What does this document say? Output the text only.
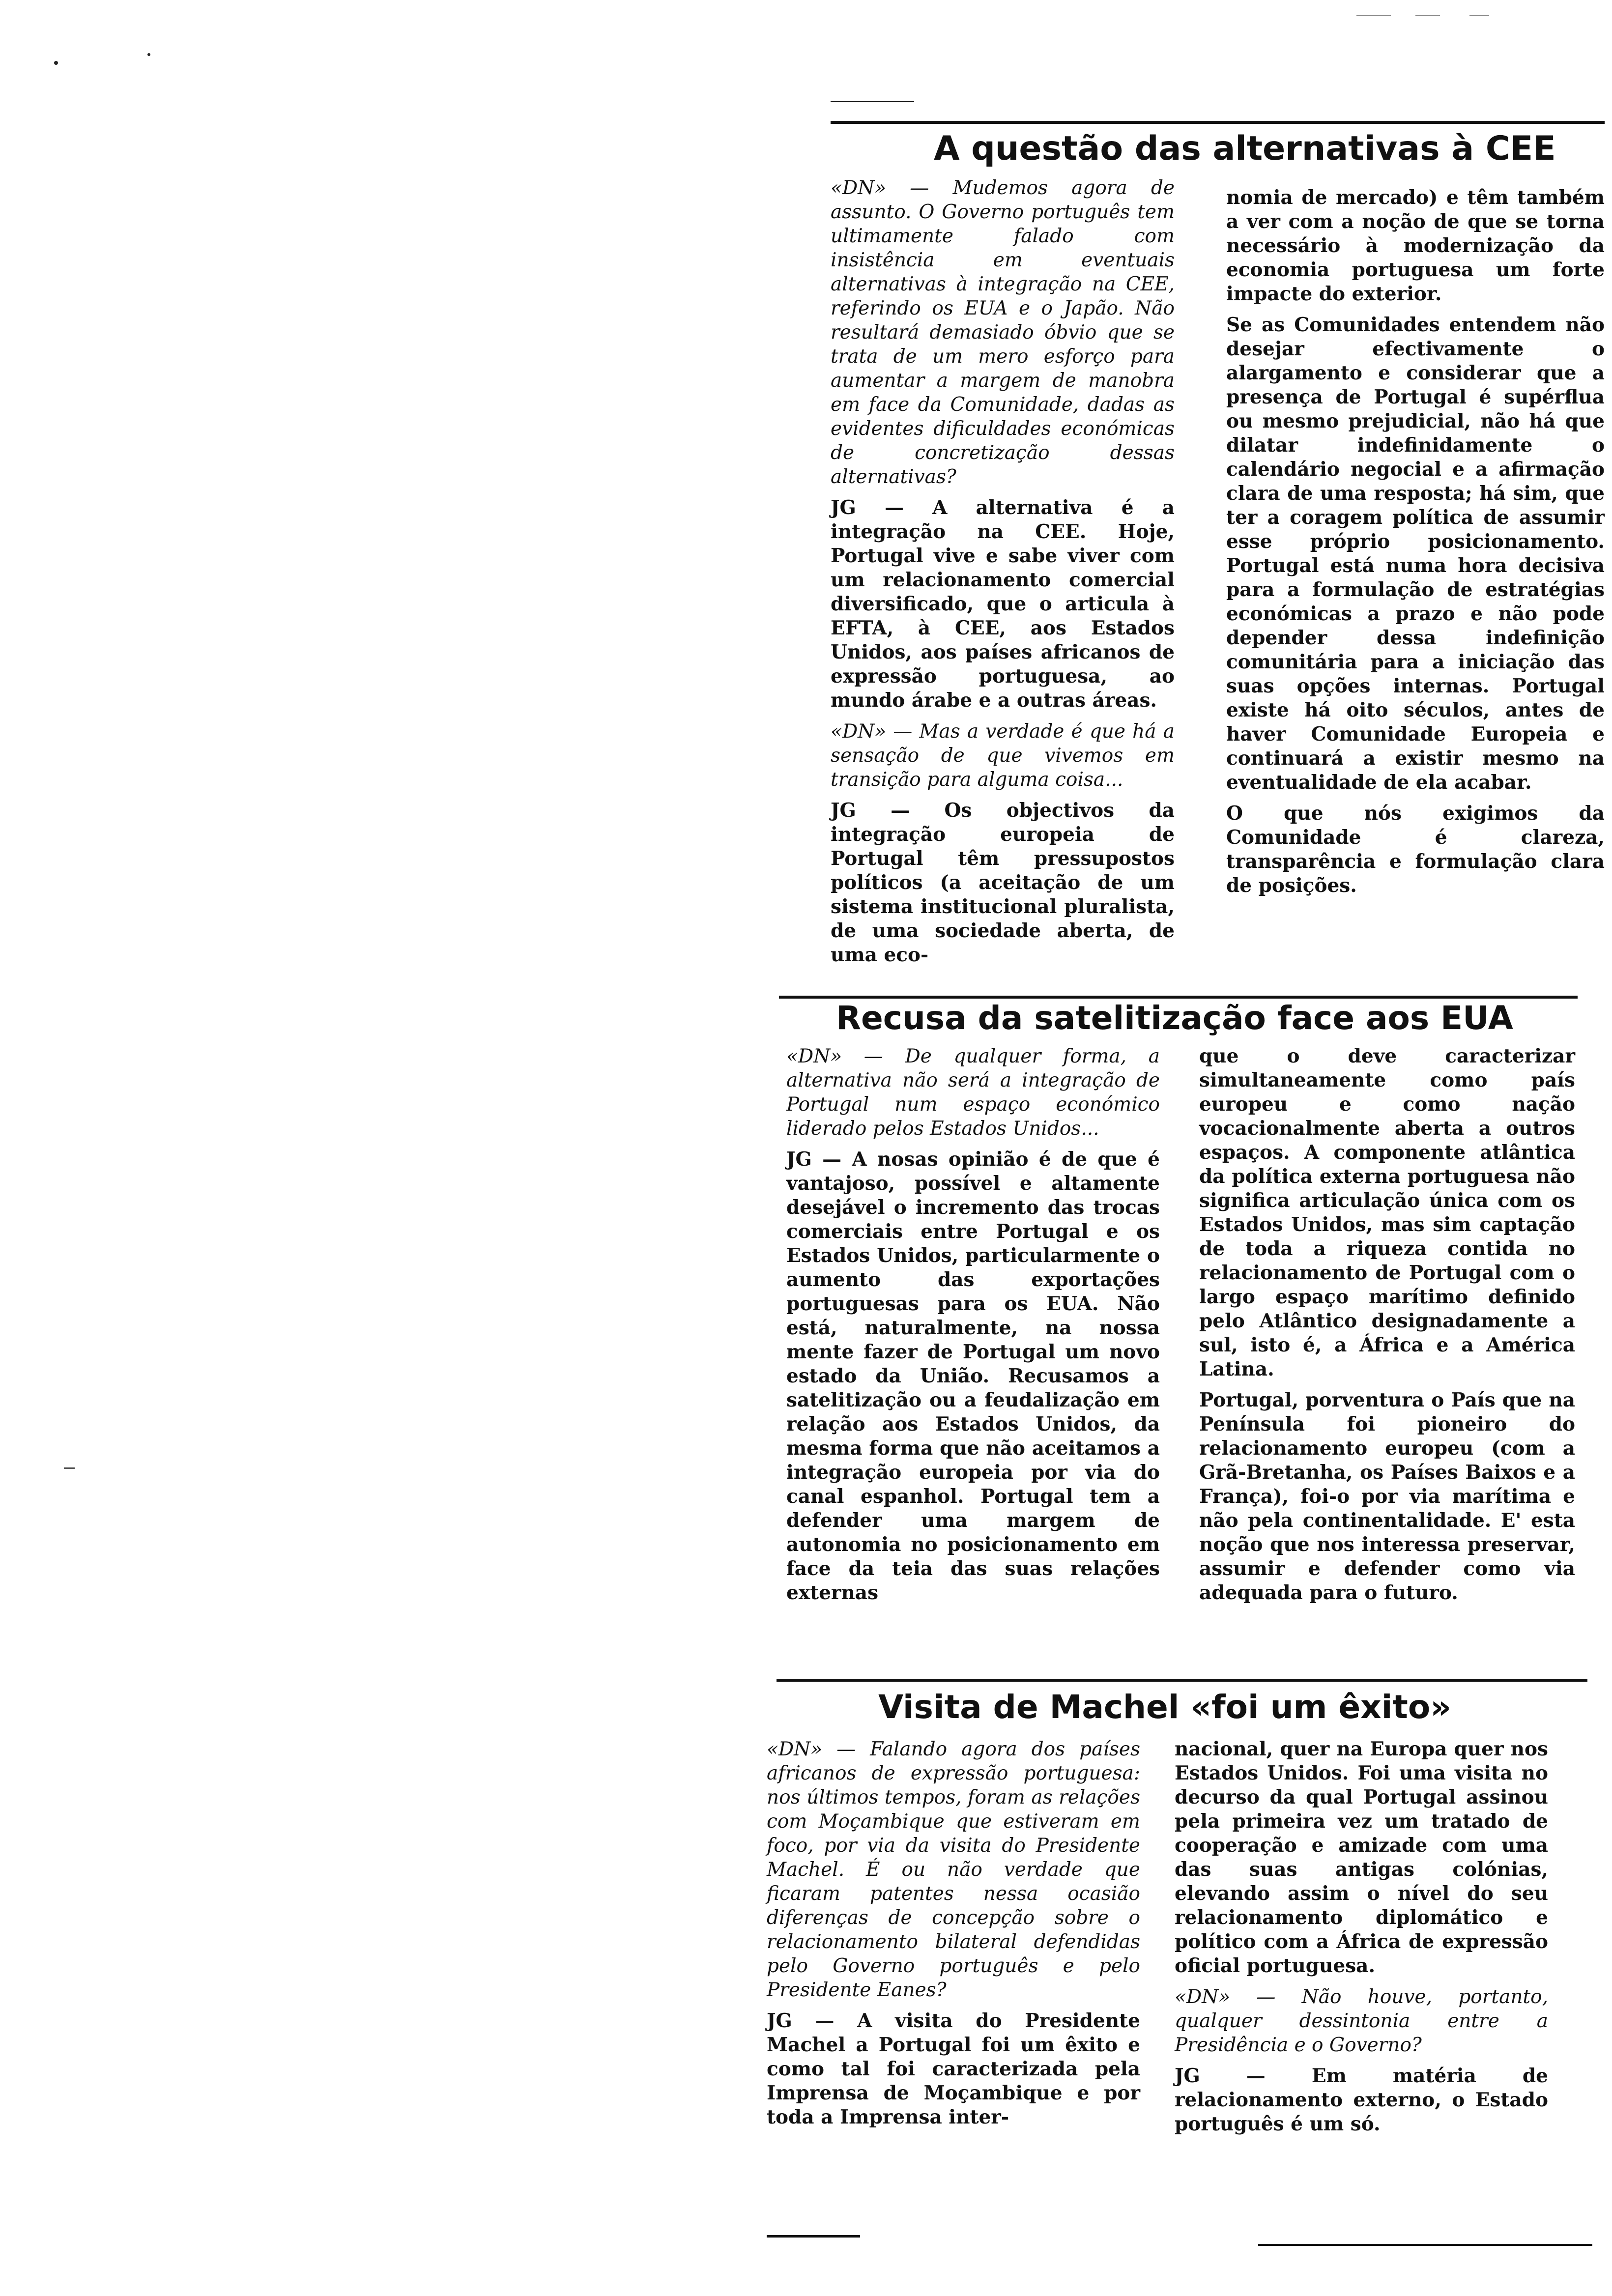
A questão das alternativas à CEE

«DN» — Mudemos agora de assunto. O Governo português tem ultimamente falado com insistência em eventuais alternativas à integração na CEE, referindo os EUA e o Japão. Não resultará demasiado óbvio que se trata de um mero esforço para aumentar a margem de manobra em face da Comunidade, dadas as evidentes dificuldades económicas de concretização dessas alternativas?

JG — A alternativa é a integração na CEE. Hoje, Portugal vive e sabe viver com um relacionamento comercial diversificado, que o articula à EFTA, à CEE, aos Estados Unidos, aos países africanos de expressão portuguesa, ao mundo árabe e a outras áreas.

«DN» — Mas a verdade é que há a sensação de que vivemos em transição para alguma coisa...

JG — Os objectivos da integração europeia de Portugal têm pressupostos políticos (a aceitação de um sistema institucional pluralista, de uma sociedade aberta, de uma eco-

nomia de mercado) e têm também a ver com a noção de que se torna necessário à modernização da economia portuguesa um forte impacte do exterior.

Se as Comunidades entendem não desejar efectivamente o alargamento e considerar que a presença de Portugal é supérflua ou mesmo prejudicial, não há que dilatar indefinidamente o calendário negocial e a afirmação clara de uma resposta; há sim, que ter a coragem política de assumir esse próprio posicionamento. Portugal está numa hora decisiva para a formulação de estratégias económicas a prazo e não pode depender dessa indefinição comunitária para a iniciação das suas opções internas. Portugal existe há oito séculos, antes de haver Comunidade Europeia e continuará a existir mesmo na eventualidade de ela acabar.

O que nós exigimos da Comunidade é clareza, transparência e formulação clara de posições.

Recusa da satelitização face aos EUA

«DN» — De qualquer forma, a alternativa não será a integração de Portugal num espaço económico liderado pelos Estados Unidos...

JG — A nosas opinião é de que é vantajoso, possível e altamente desejável o incremento das trocas comerciais entre Portugal e os Estados Unidos, particularmente o aumento das exportações portuguesas para os EUA. Não está, naturalmente, na nossa mente fazer de Portugal um novo estado da União. Recusamos a satelitização ou a feudalização em relação aos Estados Unidos, da mesma forma que não aceitamos a integração europeia por via do canal espanhol. Portugal tem a defender uma margem de autonomia no posicionamento em face da teia das suas relações externas

que o deve caracterizar simultaneamente como país europeu e como nação vocacionalmente aberta a outros espaços. A componente atlântica da política externa portuguesa não significa articulação única com os Estados Unidos, mas sim captação de toda a riqueza contida no relacionamento de Portugal com o largo espaço marítimo definido pelo Atlântico designadamente a sul, isto é, a África e a América Latina.

Portugal, porventura o País que na Península foi pioneiro do relacionamento europeu (com a Grã-Bretanha, os Países Baixos e a França), foi-o por via marítima e não pela continentalidade. E' esta noção que nos interessa preservar, assumir e defender como via adequada para o futuro.

Visita de Machel «foi um êxito»

«DN» — Falando agora dos países africanos de expressão portuguesa: nos últimos tempos, foram as relações com Moçambique que estiveram em foco, por via da visita do Presidente Machel. É ou não verdade que ficaram patentes nessa ocasião diferenças de concepção sobre o relacionamento bilateral defendidas pelo Governo português e pelo Presidente Eanes?

JG — A visita do Presidente Machel a Portugal foi um êxito e como tal foi caracterizada pela Imprensa de Moçambique e por toda a Imprensa inter-

nacional, quer na Europa quer nos Estados Unidos. Foi uma visita no decurso da qual Portugal assinou pela primeira vez um tratado de cooperação e amizade com uma das suas antigas colónias, elevando assim o nível do seu relacionamento diplomático e político com a África de expressão oficial portuguesa.

«DN» — Não houve, portanto, qualquer dessintonia entre a Presidência e o Governo?

JG — Em matéria de relacionamento externo, o Estado português é um só.
